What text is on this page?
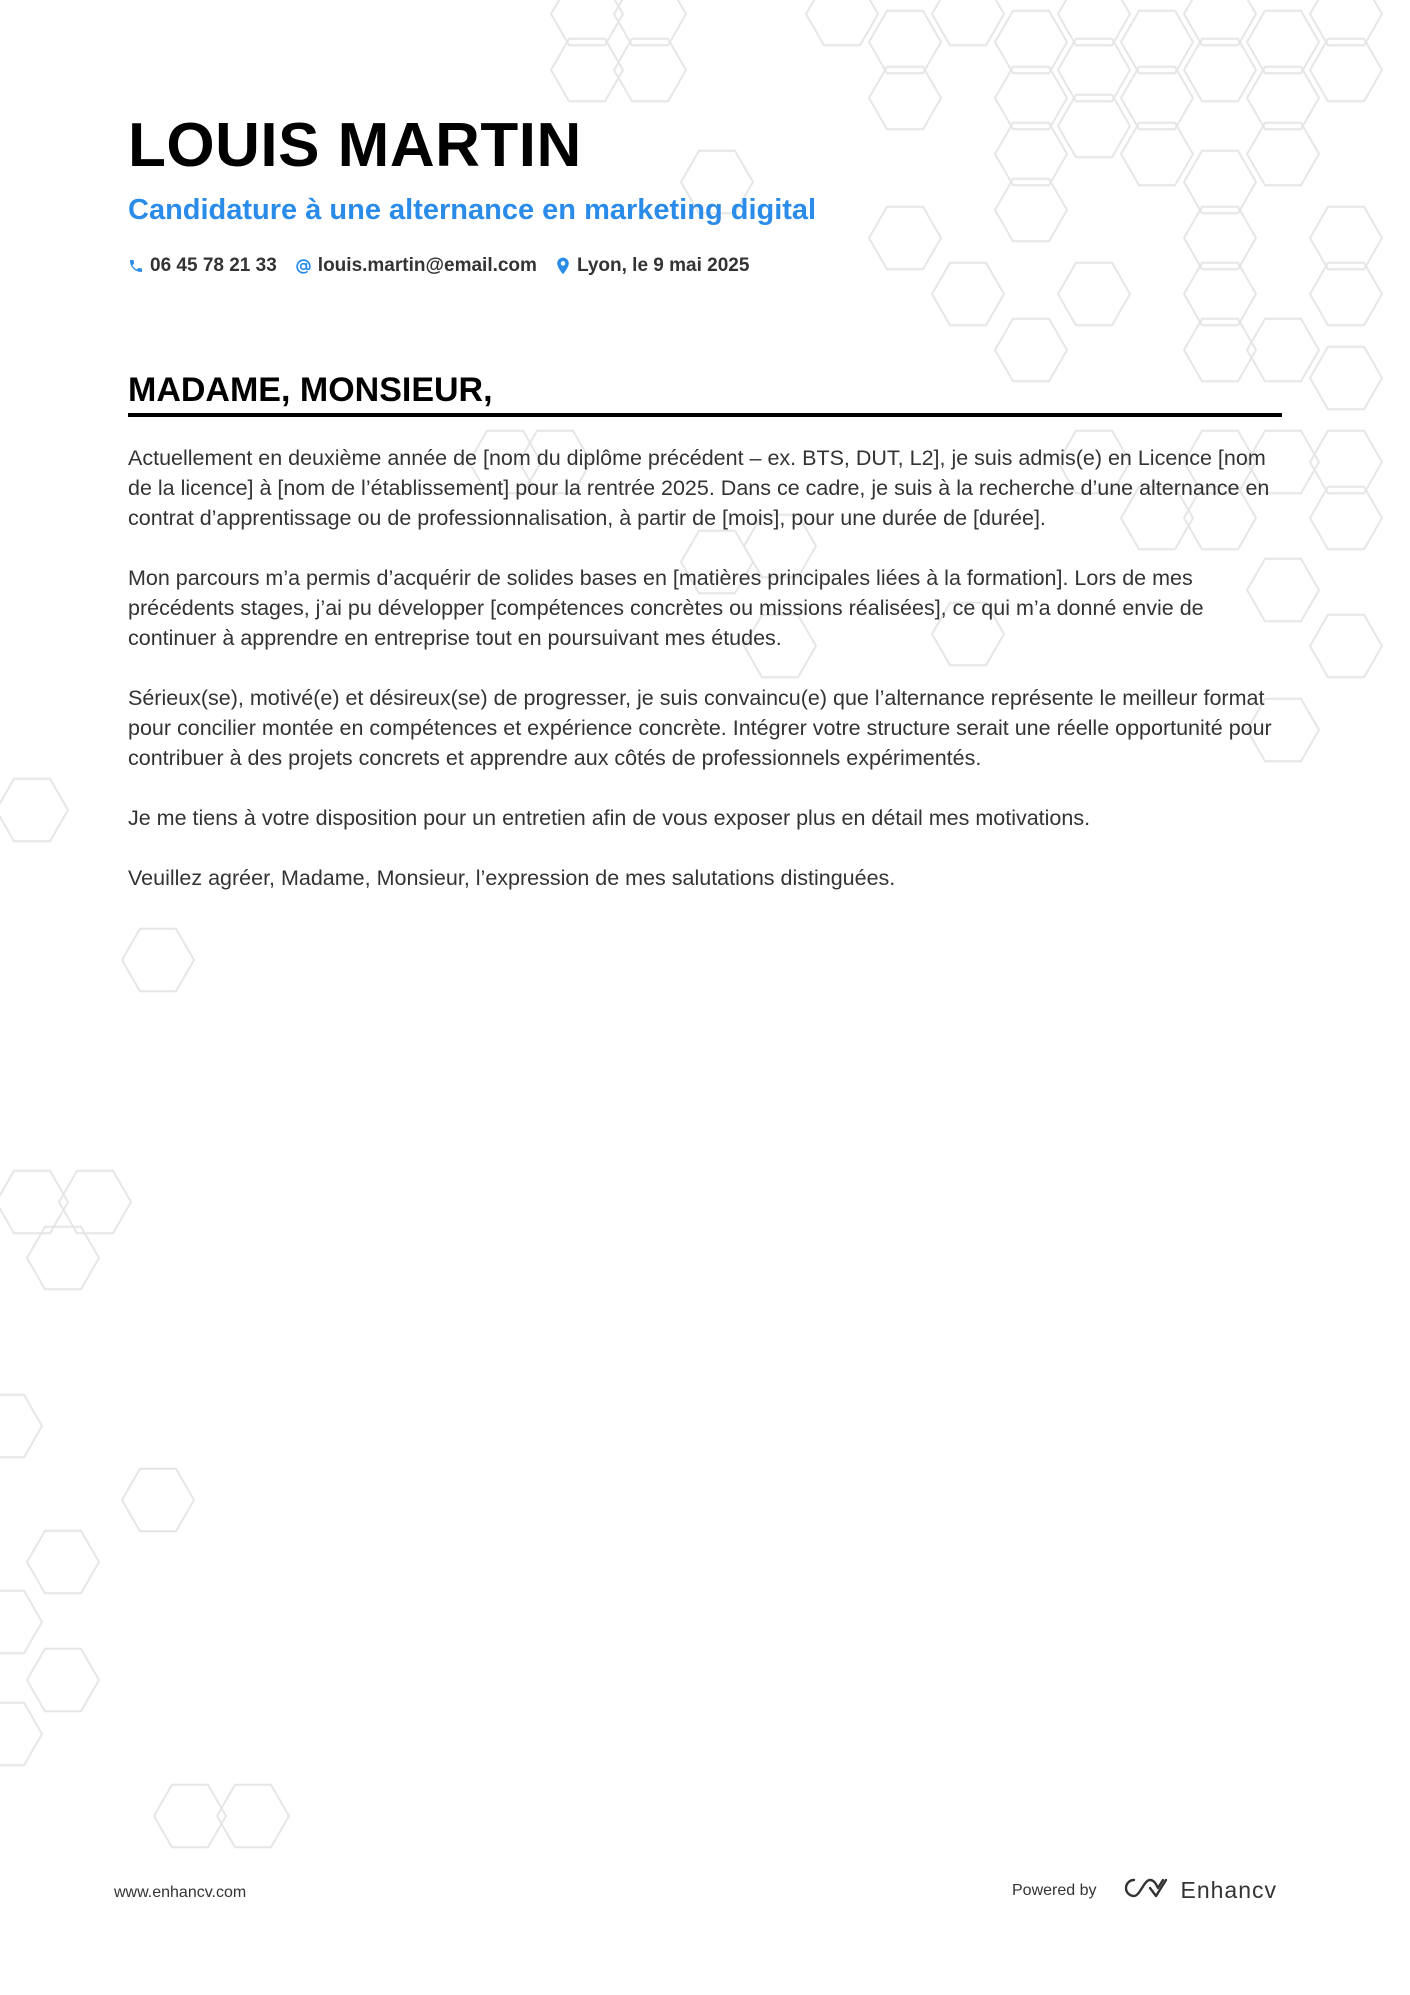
LOUIS MARTIN
Candidature à une alternance en marketing digital
06 45 78 21 33 louis.martin@email.com Lyon, le 9 mai 2025
MADAME, MONSIEUR,

Actuellement en deuxième année de [nom du diplôme précédent – ex. BTS, DUT, L2], je suis admis(e) en Licence [nom de la licence] à [nom de l’établissement] pour la rentrée 2025. Dans ce cadre, je suis à la recherche d’une alternance en contrat d’apprentissage ou de professionnalisation, à partir de [mois], pour une durée de [durée].

Mon parcours m’a permis d’acquérir de solides bases en [matières principales liées à la formation]. Lors de mes précédents stages, j’ai pu développer [compétences concrètes ou missions réalisées], ce qui m’a donné envie de continuer à apprendre en entreprise tout en poursuivant mes études.

Sérieux(se), motivé(e) et désireux(se) de progresser, je suis convaincu(e) que l’alternance représente le meilleur format pour concilier montée en compétences et expérience concrète. Intégrer votre structure serait une réelle opportunité pour contribuer à des projets concrets et apprendre aux côtés de professionnels expérimentés.

Je me tiens à votre disposition pour un entretien afin de vous exposer plus en détail mes motivations.

Veuillez agréer, Madame, Monsieur, l’expression de mes salutations distinguées.

www.enhancv.com	Powered by	Enhancv
